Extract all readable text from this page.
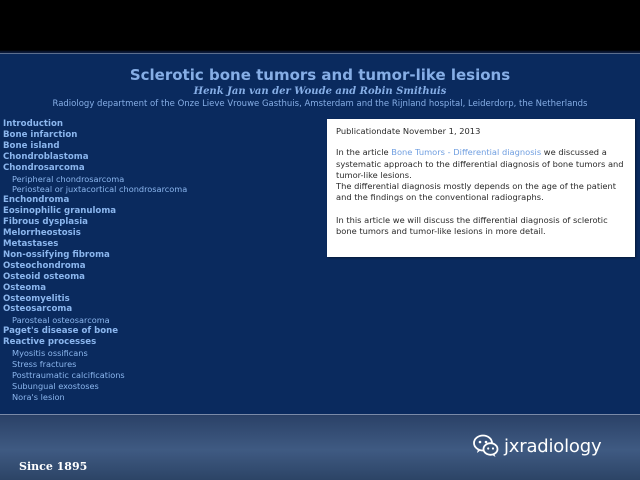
Sclerotic bone tumors and tumor-like lesions
Henk Jan van der Woude and Robin Smithuis
Radiology department of the Onze Lieve Vrouwe Gasthuis, Amsterdam and the Rijnland hospital, Leiderdorp, the Netherlands
Introduction
Bone infarction
Bone island
Chondroblastoma
Chondrosarcoma
Peripheral chondrosarcoma
Periosteal or juxtacortical chondrosarcoma
Enchondroma
Eosinophilic granuloma
Fibrous dysplasia
Melorrheostosis
Metastases
Non-ossifying fibroma
Osteochondroma
Osteoid osteoma
Osteoma
Osteomyelitis
Osteosarcoma
Parosteal osteosarcoma
Paget's disease of bone
Reactive processes
Myositis ossificans
Stress fractures
Posttraumatic calcifications
Subungual exostoses
Nora's lesion

Publicationdate November 1, 2013

In the article Bone Tumors - Differential diagnosis we discussed a systematic approach to the differential diagnosis of bone tumors and tumor-like lesions.

The differential diagnosis mostly depends on the age of the patient and the findings on the conventional radiographs.

In this article we will discuss the differential diagnosis of sclerotic bone tumors and tumor-like lesions in more detail.

Since 1895
jxradiology
